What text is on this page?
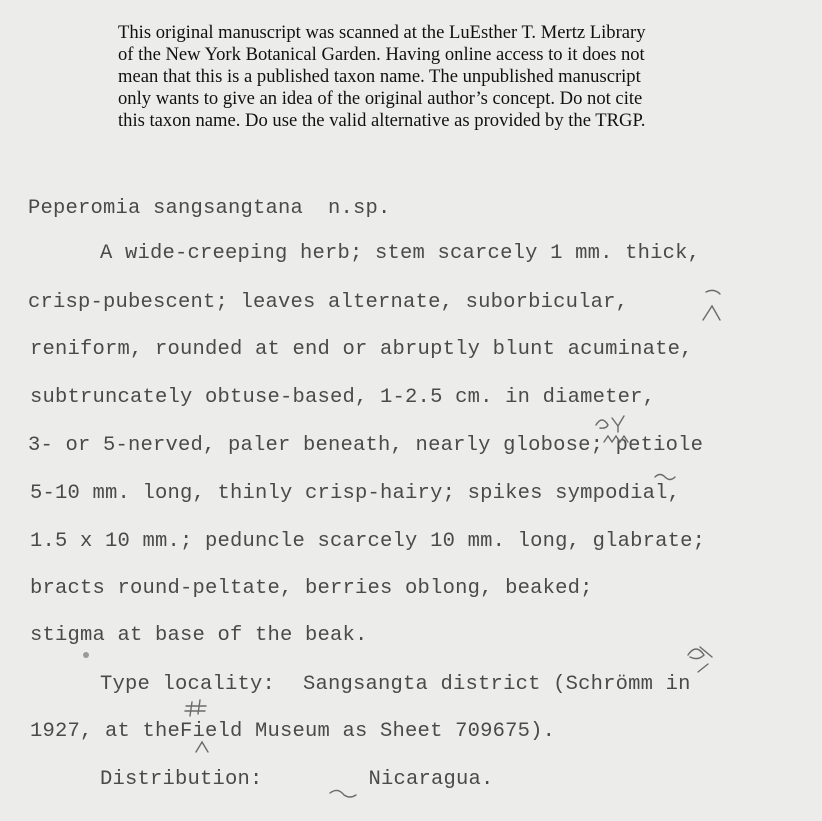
This original manuscript was scanned at the LuEsther T. Mertz Library
of the New York Botanical Garden. Having online access to it does not
mean that this is a published taxon name. The unpublished manuscript
only wants to give an idea of the original author’s concept. Do not cite
this taxon name. Do use the valid alternative as provided by the TRGP.
Peperomia sangsangtana  n.sp.
A wide-creeping herb; stem scarcely 1 mm. thick,
crisp-pubescent; leaves alternate, suborbicular,
reniform, rounded at end or abruptly blunt acuminate,
subtruncately obtuse-based, 1-2.5 cm. in diameter,
3- or 5-nerved, paler beneath, nearly globose; petiole
5-10 mm. long, thinly crisp-hairy; spikes sympodial,
1.5 x 10 mm.; peduncle scarcely 10 mm. long, glabrate;
bracts round-peltate, berries oblong, beaked;
stigma at base of the beak.
Type locality: Sangsangta district (Schrömm in
1927, at theField Museum as Sheet 709675).
Distribution:	Nicaragua.
